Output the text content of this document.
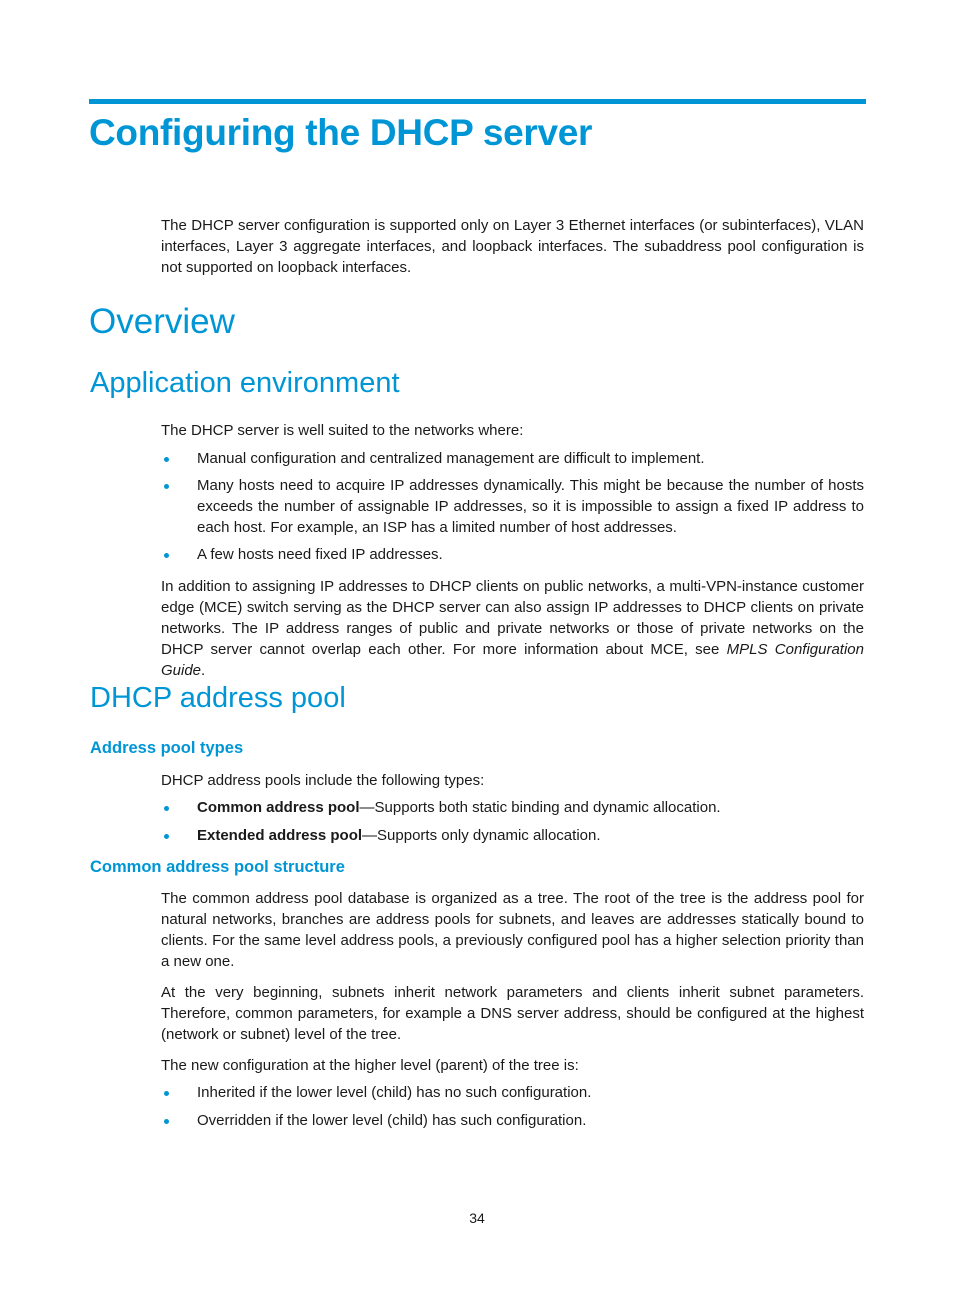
Configuring the DHCP server

The DHCP server configuration is supported only on Layer 3 Ethernet interfaces (or subinterfaces), VLAN interfaces, Layer 3 aggregate interfaces, and loopback interfaces. The subaddress pool configuration is not supported on loopback interfaces.

Overview
Application environment

The DHCP server is well suited to the networks where:

Manual configuration and centralized management are difficult to implement.
Many hosts need to acquire IP addresses dynamically. This might be because the number of hosts exceeds the number of assignable IP addresses, so it is impossible to assign a fixed IP address to each host. For example, an ISP has a limited number of host addresses.
A few hosts need fixed IP addresses.

In addition to assigning IP addresses to DHCP clients on public networks, a multi-VPN-instance customer edge (MCE) switch serving as the DHCP server can also assign IP addresses to DHCP clients on private networks. The IP address ranges of public and private networks or those of private networks on the DHCP server cannot overlap each other. For more information about MCE, see MPLS Configuration Guide.

DHCP address pool
Address pool types

DHCP address pools include the following types:

Common address pool—Supports both static binding and dynamic allocation.
Extended address pool—Supports only dynamic allocation.
Common address pool structure

The common address pool database is organized as a tree. The root of the tree is the address pool for natural networks, branches are address pools for subnets, and leaves are addresses statically bound to clients. For the same level address pools, a previously configured pool has a higher selection priority than a new one.

At the very beginning, subnets inherit network parameters and clients inherit subnet parameters. Therefore, common parameters, for example a DNS server address, should be configured at the highest (network or subnet) level of the tree.

The new configuration at the higher level (parent) of the tree is:

Inherited if the lower level (child) has no such configuration.
Overridden if the lower level (child) has such configuration.
34
